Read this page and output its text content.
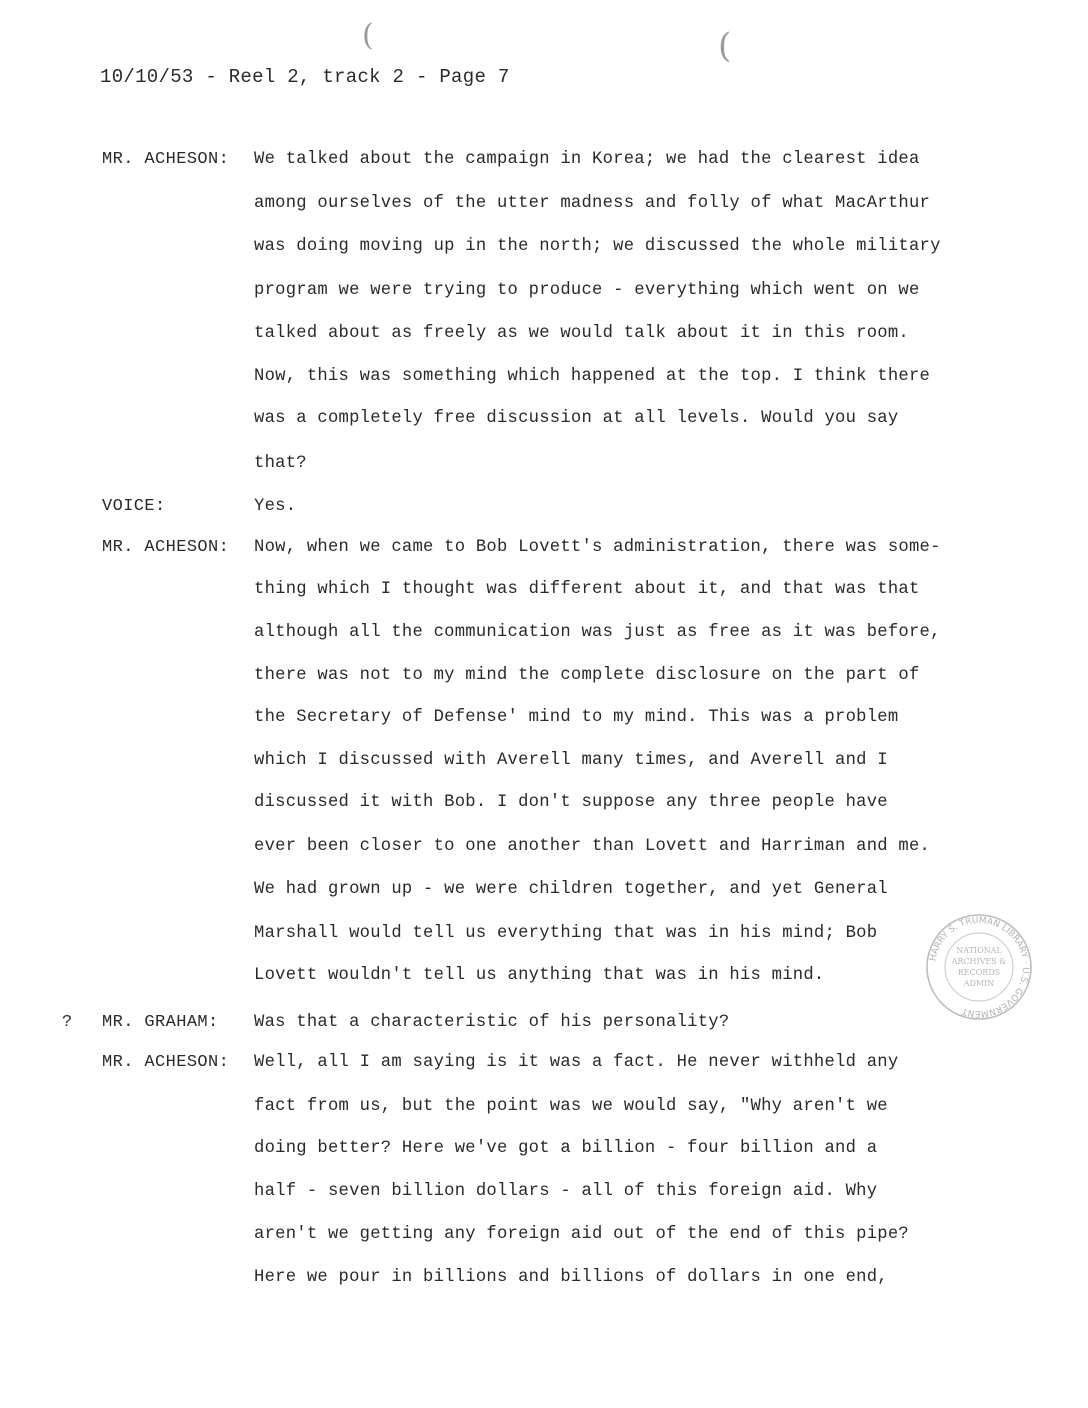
(	(
10/10/53 - Reel 2, track 2 - Page 7
MR. ACHESON: We talked about the campaign in Korea; we had the clearest idea
among ourselves of the utter madness and folly of what MacArthur
was doing moving up in the north; we discussed the whole military
program we were trying to produce - everything which went on we
talked about as freely as we would talk about it in this room.
Now, this was something which happened at the top. I think there
was a completely free discussion at all levels. Would you say
that?
VOICE:	Yes.
MR. ACHESON: Now, when we came to Bob Lovett's administration, there was some-
thing which I thought was different about it, and that was that
although all the communication was just as free as it was before,
there was not to my mind the complete disclosure on the part of
the Secretary of Defense' mind to my mind. This was a problem
which I discussed with Averell many times, and Averell and I
discussed it with Bob. I don't suppose any three people have
ever been closer to one another than Lovett and Harriman and me.
We had grown up - we were children together, and yet General
Marshall would tell us everything that was in his mind; Bob
Lovett wouldn't tell us anything that was in his mind.
? MR. GRAHAM: Was that a characteristic of his personality?
MR. ACHESON: Well, all I am saying is it was a fact. He never withheld any
fact from us, but the point was we would say, "Why aren't we
doing better? Here we've got a billion - four billion and a
half - seven billion dollars - all of this foreign aid. Why
aren't we getting any foreign aid out of the end of this pipe?
Here we pour in billions and billions of dollars in one end,
HARRY S. TRUMAN LIBRARY · U.S. GOVERNMENT
NATIONAL
ARCHIVES &
RECORDS
ADMIN
